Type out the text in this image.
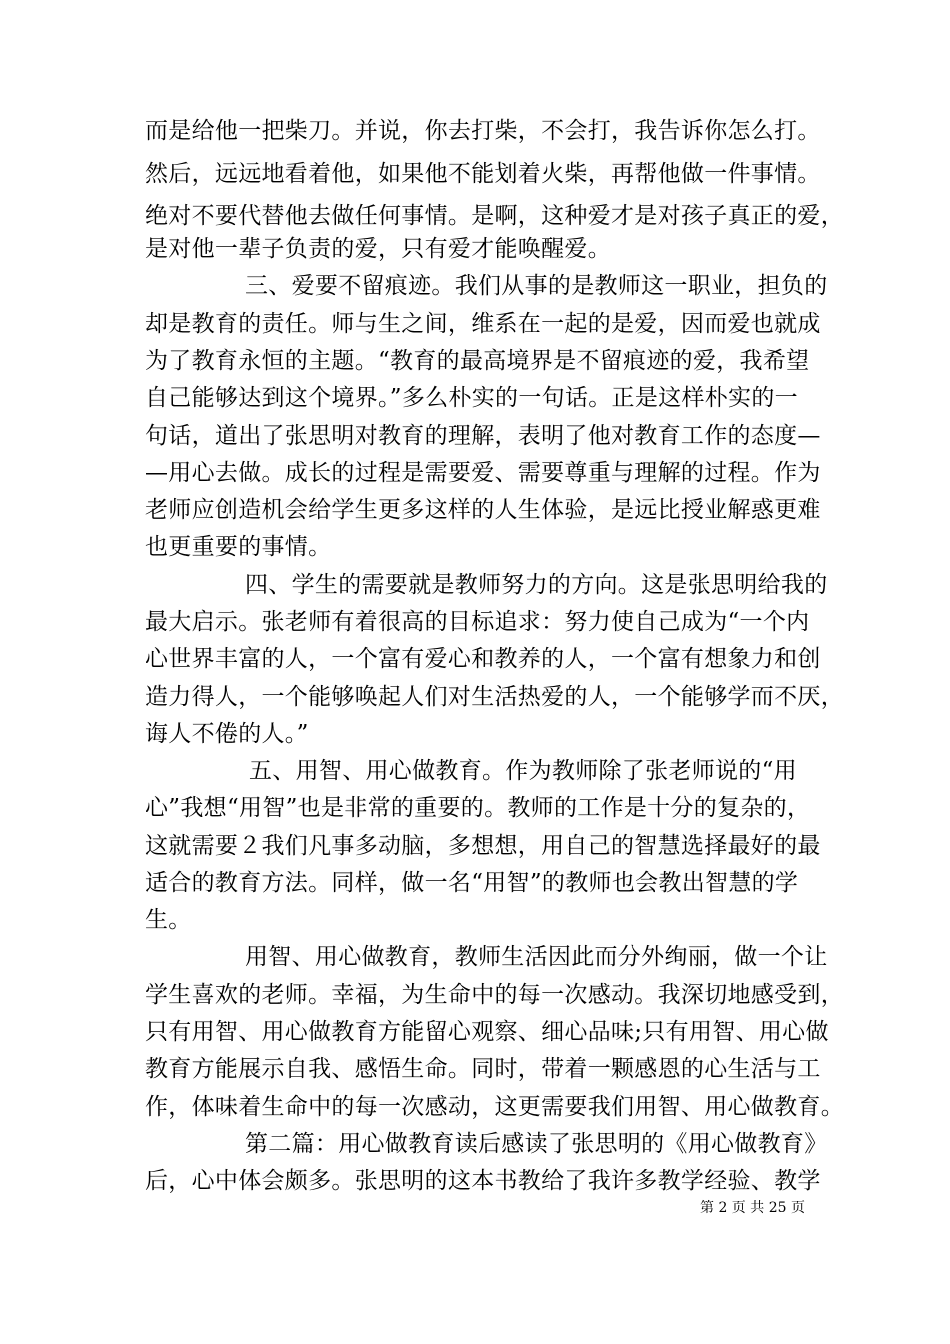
而是给他一把柴刀。并说，你去打柴，不会打，我告诉你怎么打。
然后，远远地看着他，如果他不能划着火柴，再帮他做一件事情。
绝对不要代替他去做任何事情。是啊，这种爱才是对孩子真正的爱，
是对他一辈子负责的爱，只有爱才能唤醒爱。
三、爱要不留痕迹。我们从事的是教师这一职业，担负的
却是教育的责任。师与生之间，维系在一起的是爱，因而爱也就成
为了教育永恒的主题。“教育的最高境界是不留痕迹的爱，我希望
自己能够达到这个境界。”多么朴实的一句话。正是这样朴实的一
句话，道出了张思明对教育的理解，表明了他对教育工作的态度—
—用心去做。成长的过程是需要爱、需要尊重与理解的过程。作为
老师应创造机会给学生更多这样的人生体验，是远比授业解惑更难
也更重要的事情。
四、学生的需要就是教师努力的方向。这是张思明给我的
最大启示。张老师有着很高的目标追求：努力使自己成为“一个内
心世界丰富的人，一个富有爱心和教养的人，一个富有想象力和创
造力得人，一个能够唤起人们对生活热爱的人，一个能够学而不厌，
诲人不倦的人。”
五、用智、用心做教育。作为教师除了张老师说的“用
心”我想“用智”也是非常的重要的。教师的工作是十分的复杂的，
这就需要２我们凡事多动脑，多想想，用自己的智慧选择最好的最
适合的教育方法。同样，做一名“用智”的教师也会教出智慧的学
生。
用智、用心做教育，教师生活因此而分外绚丽，做一个让
学生喜欢的老师。幸福，为生命中的每一次感动。我深切地感受到，
只有用智、用心做教育方能留心观察、细心品味;只有用智、用心做
教育方能展示自我、感悟生命。同时，带着一颗感恩的心生活与工
作，体味着生命中的每一次感动，这更需要我们用智、用心做教育。
第二篇：用心做教育读后感读了张思明的《用心做教育》
后，心中体会颇多。张思明的这本书教给了我许多教学经验、教学
第 2 页 共 25 页
